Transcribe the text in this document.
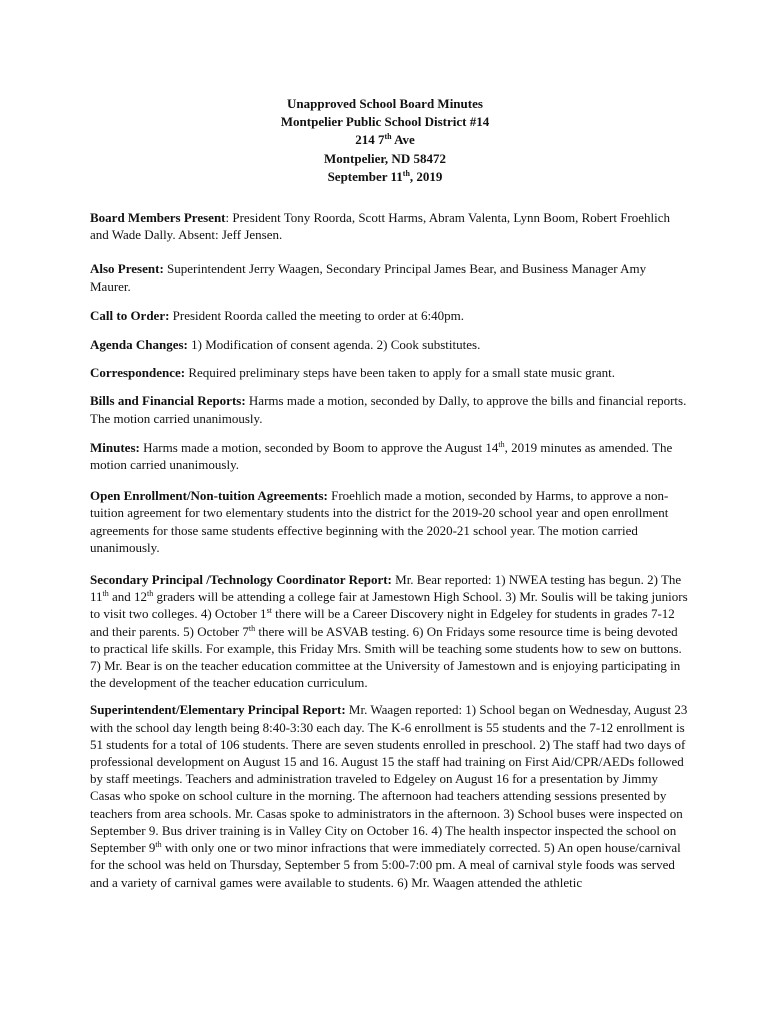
Unapproved School Board Minutes
Montpelier Public School District #14
214 7th Ave
Montpelier, ND 58472
September 11th, 2019

Board Members Present: President Tony Roorda, Scott Harms, Abram Valenta, Lynn Boom, Robert Froehlich and Wade Dally. Absent: Jeff Jensen.

Also Present: Superintendent Jerry Waagen, Secondary Principal James Bear, and Business Manager Amy Maurer.

Call to Order: President Roorda called the meeting to order at 6:40pm.

Agenda Changes: 1) Modification of consent agenda. 2) Cook substitutes.

Correspondence: Required preliminary steps have been taken to apply for a small state music grant.

Bills and Financial Reports: Harms made a motion, seconded by Dally, to approve the bills and financial reports. The motion carried unanimously.

Minutes: Harms made a motion, seconded by Boom to approve the August 14th, 2019 minutes as amended. The motion carried unanimously.

Open Enrollment/Non-tuition Agreements: Froehlich made a motion, seconded by Harms, to approve a non-tuition agreement for two elementary students into the district for the 2019-20 school year and open enrollment agreements for those same students effective beginning with the 2020-21 school year. The motion carried unanimously.

Secondary Principal /Technology Coordinator Report: Mr. Bear reported: 1) NWEA testing has begun. 2) The 11th and 12th graders will be attending a college fair at Jamestown High School. 3) Mr. Soulis will be taking juniors to visit two colleges. 4) October 1st there will be a Career Discovery night in Edgeley for students in grades 7-12 and their parents. 5) October 7th there will be ASVAB testing. 6) On Fridays some resource time is being devoted to practical life skills. For example, this Friday Mrs. Smith will be teaching some students how to sew on buttons. 7) Mr. Bear is on the teacher education committee at the University of Jamestown and is enjoying participating in the development of the teacher education curriculum.

Superintendent/Elementary Principal Report: Mr. Waagen reported: 1) School began on Wednesday, August 23 with the school day length being 8:40-3:30 each day. The K-6 enrollment is 55 students and the 7-12 enrollment is 51 students for a total of 106 students. There are seven students enrolled in preschool. 2) The staff had two days of professional development on August 15 and 16. August 15 the staff had training on First Aid/CPR/AEDs followed by staff meetings. Teachers and administration traveled to Edgeley on August 16 for a presentation by Jimmy Casas who spoke on school culture in the morning. The afternoon had teachers attending sessions presented by teachers from area schools. Mr. Casas spoke to administrators in the afternoon. 3) School buses were inspected on September 9. Bus driver training is in Valley City on October 16. 4) The health inspector inspected the school on September 9th with only one or two minor infractions that were immediately corrected. 5) An open house/carnival for the school was held on Thursday, September 5 from 5:00-7:00 pm. A meal of carnival style foods was served and a variety of carnival games were available to students. 6) Mr. Waagen attended the athletic
